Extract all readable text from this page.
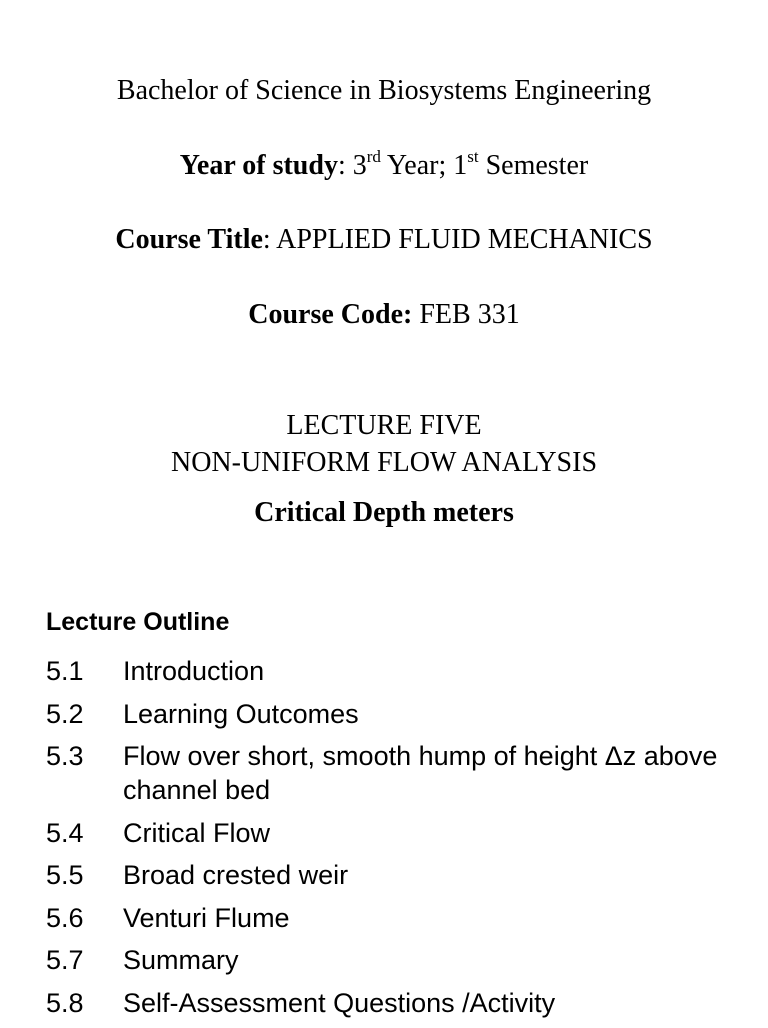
Bachelor of Science in Biosystems Engineering
Year of study: 3rd Year; 1st Semester
Course Title: APPLIED FLUID MECHANICS
Course Code: FEB 331
LECTURE FIVE
NON-UNIFORM FLOW ANALYSIS
Critical Depth meters
Lecture Outline
5.1	Introduction
5.2	Learning Outcomes
5.3	Flow over short, smooth hump of height Δz above channel bed
5.4	Critical Flow
5.5	Broad crested weir
5.6	Venturi Flume
5.7	Summary
5.8	Self-Assessment Questions /Activity
